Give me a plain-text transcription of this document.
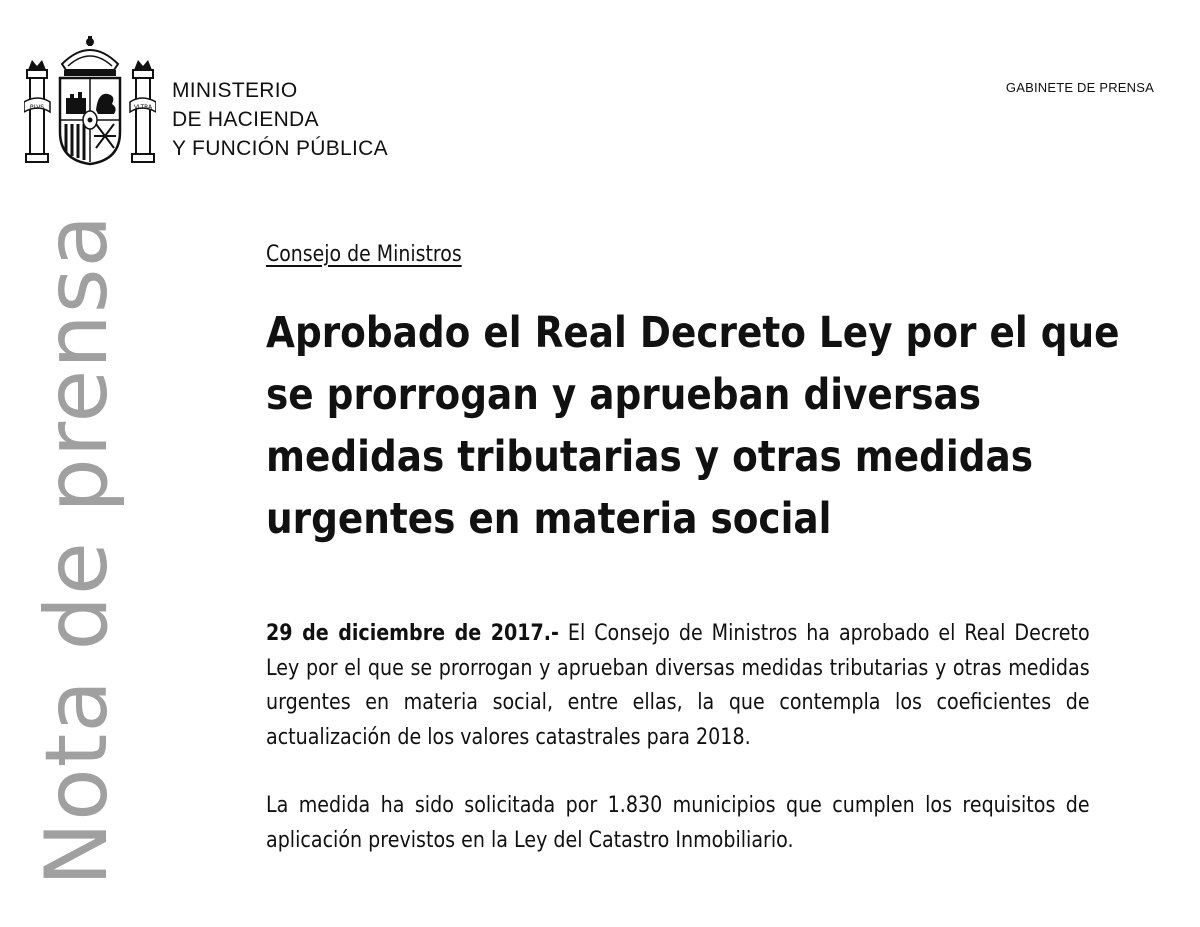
PLVS	VLTRA
MINISTERIO
DE HACIENDA
Y FUNCIÓN PÚBLICA
GABINETE DE PRENSA
Nota de prensa	Consejo de Ministros
Aprobado el Real Decreto Ley por el que
se prorrogan y aprueban diversas
medidas tributarias y otras medidas
urgentes en materia social

29 de diciembre de 2017.- El Consejo de Ministros ha aprobado el Real Decreto Ley por el que se prorrogan y aprueban diversas medidas tributarias y otras medidas urgentes en materia social, entre ellas, la que contempla los coeficientes de actualización de los valores catastrales para 2018.

La medida ha sido solicitada por 1.830 municipios que cumplen los requisitos de aplicación previstos en la Ley del Catastro Inmobiliario.
